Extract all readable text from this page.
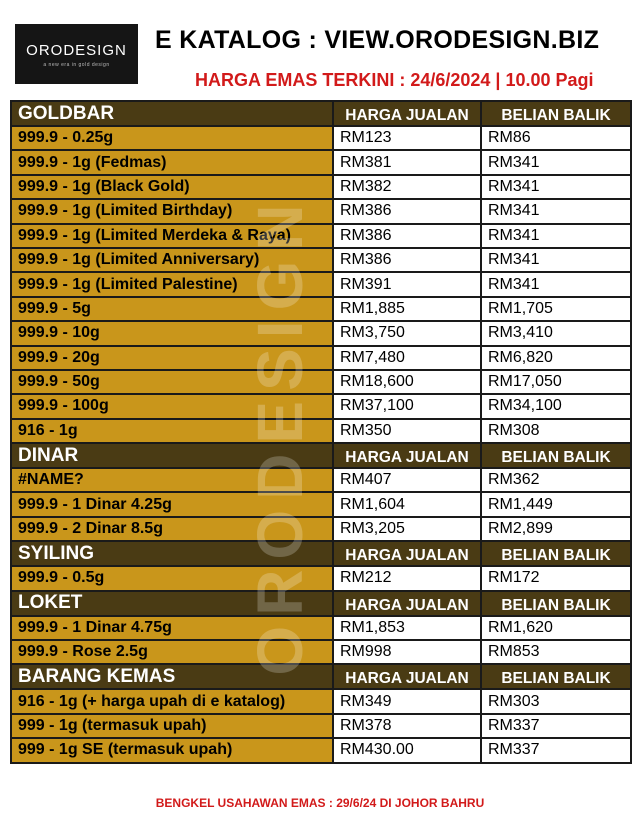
ORODESIGN
a new era in gold design
E KATALOG : VIEW.ORODESIGN.BIZ
HARGA EMAS TERKINI : 24/6/2024 | 10.00 Pagi
GOLDBAR	HARGA JUALAN	BELIAN BALIK
999.9 - 0.25g	RM123	RM86
999.9 - 1g (Fedmas)	RM381	RM341
999.9 - 1g (Black Gold)	RM382	RM341
999.9 - 1g (Limited Birthday)	RM386	RM341
999.9 - 1g (Limited Merdeka & Raya)	RM386	RM341
999.9 - 1g (Limited Anniversary)	RM386	RM341
999.9 - 1g (Limited Palestine)	RM391	RM341
999.9 - 5g	RM1,885	RM1,705
999.9 - 10g	RM3,750	RM3,410
999.9 - 20g	RM7,480	RM6,820
999.9 - 50g	RM18,600	RM17,050
999.9 - 100g	RM37,100	RM34,100
916 - 1g	RM350	RM308
DINAR	HARGA JUALAN	BELIAN BALIK
#NAME?	RM407	RM362
999.9 - 1 Dinar 4.25g	RM1,604	RM1,449
999.9 - 2 Dinar 8.5g	RM3,205	RM2,899
SYILING	HARGA JUALAN	BELIAN BALIK
999.9 - 0.5g	RM212	RM172
LOKET	HARGA JUALAN	BELIAN BALIK
999.9 - 1 Dinar 4.75g	RM1,853	RM1,620
999.9 - Rose 2.5g	RM998	RM853
BARANG KEMAS	HARGA JUALAN	BELIAN BALIK
916 - 1g (+ harga upah di e katalog)	RM349	RM303
999 - 1g (termasuk upah)	RM378	RM337
999 - 1g SE (termasuk upah)	RM430.00	RM337
ORODESIGN
BENGKEL USAHAWAN EMAS : 29/6/24 DI JOHOR BAHRU
